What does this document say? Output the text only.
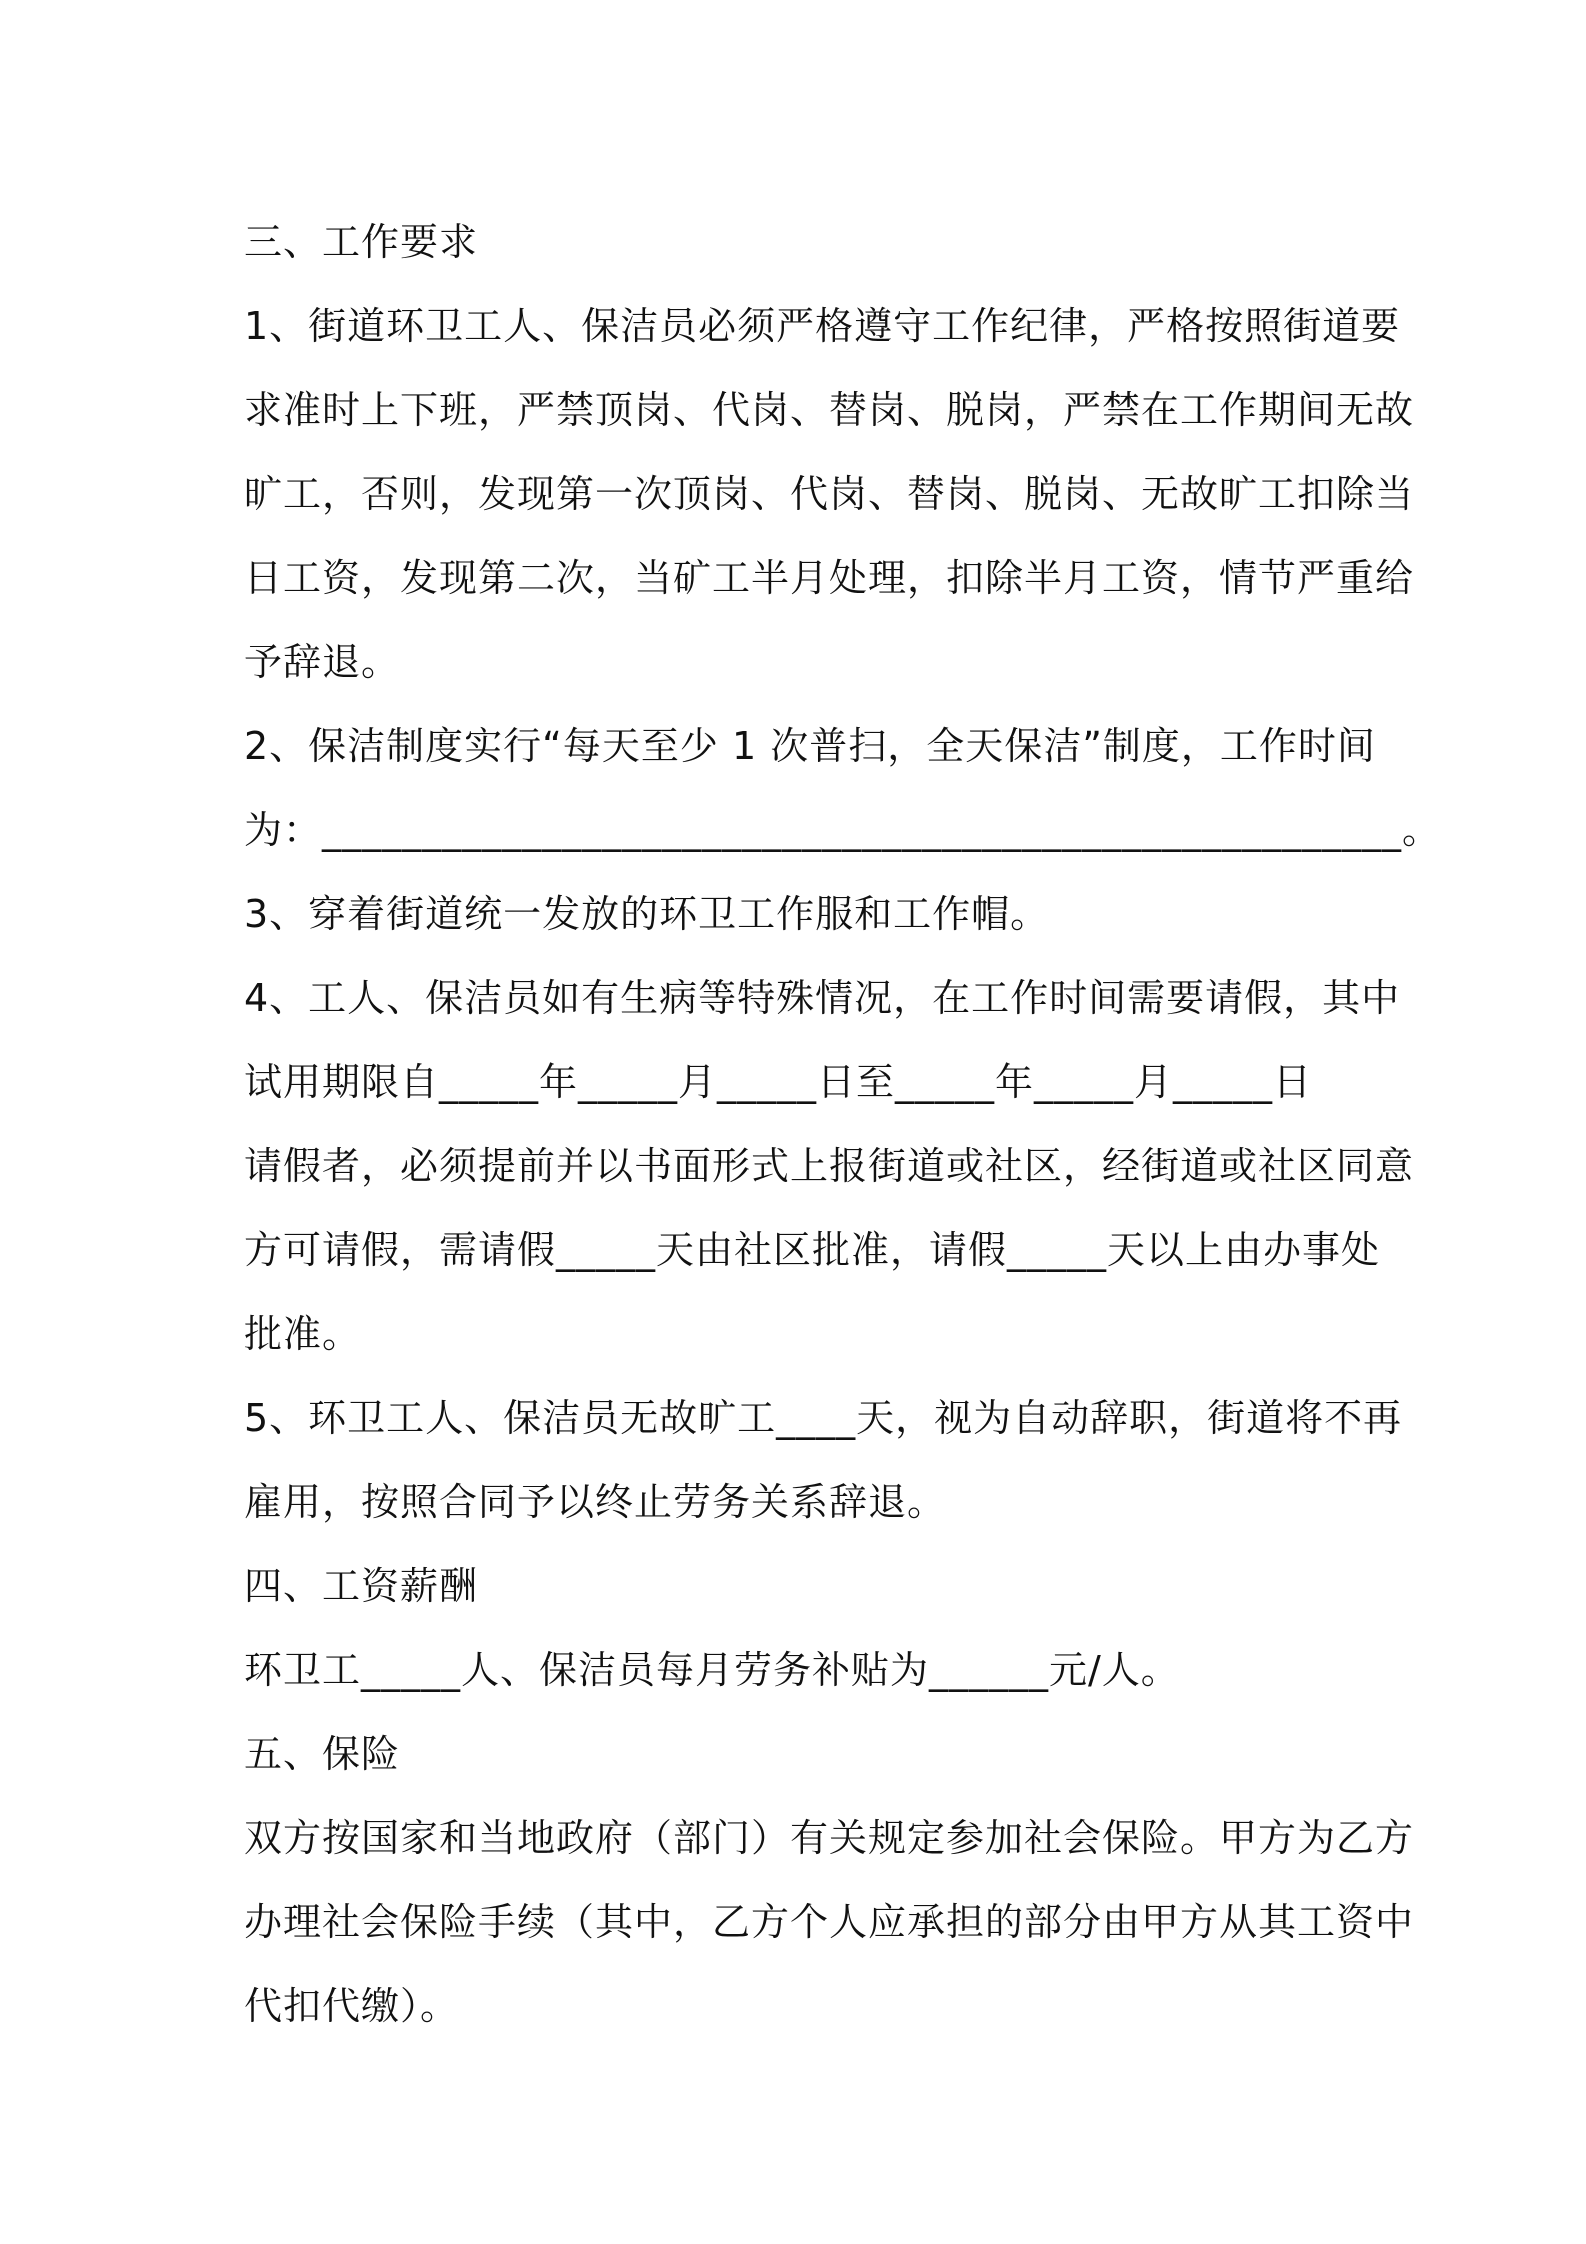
三、工作要求
1、街道环卫工人、保洁员必须严格遵守工作纪律，严格按照街道要
求准时上下班，严禁顶岗、代岗、替岗、脱岗，严禁在工作期间无故
旷工，否则，发现第一次顶岗、代岗、替岗、脱岗、无故旷工扣除当
日工资，发现第二次，当矿工半月处理，扣除半月工资，情节严重给
予辞退。
2、保洁制度实行“每天至少 1 次普扫，全天保洁”制度，工作时间
为：______________________________________________________。
3、穿着街道统一发放的环卫工作服和工作帽。
4、工人、保洁员如有生病等特殊情况，在工作时间需要请假，其中
试用期限自_____年_____月_____日至_____年_____月_____日
请假者，必须提前并以书面形式上报街道或社区，经街道或社区同意
方可请假，需请假_____天由社区批准，请假_____天以上由办事处
批准。
5、环卫工人、保洁员无故旷工____天，视为自动辞职，街道将不再
雇用，按照合同予以终止劳务关系辞退。
四、工资薪酬
环卫工_____人、保洁员每月劳务补贴为______元/人。
五、保险
双方按国家和当地政府（部门）有关规定参加社会保险。甲方为乙方
办理社会保险手续（其中，乙方个人应承担的部分由甲方从其工资中
代扣代缴）。
